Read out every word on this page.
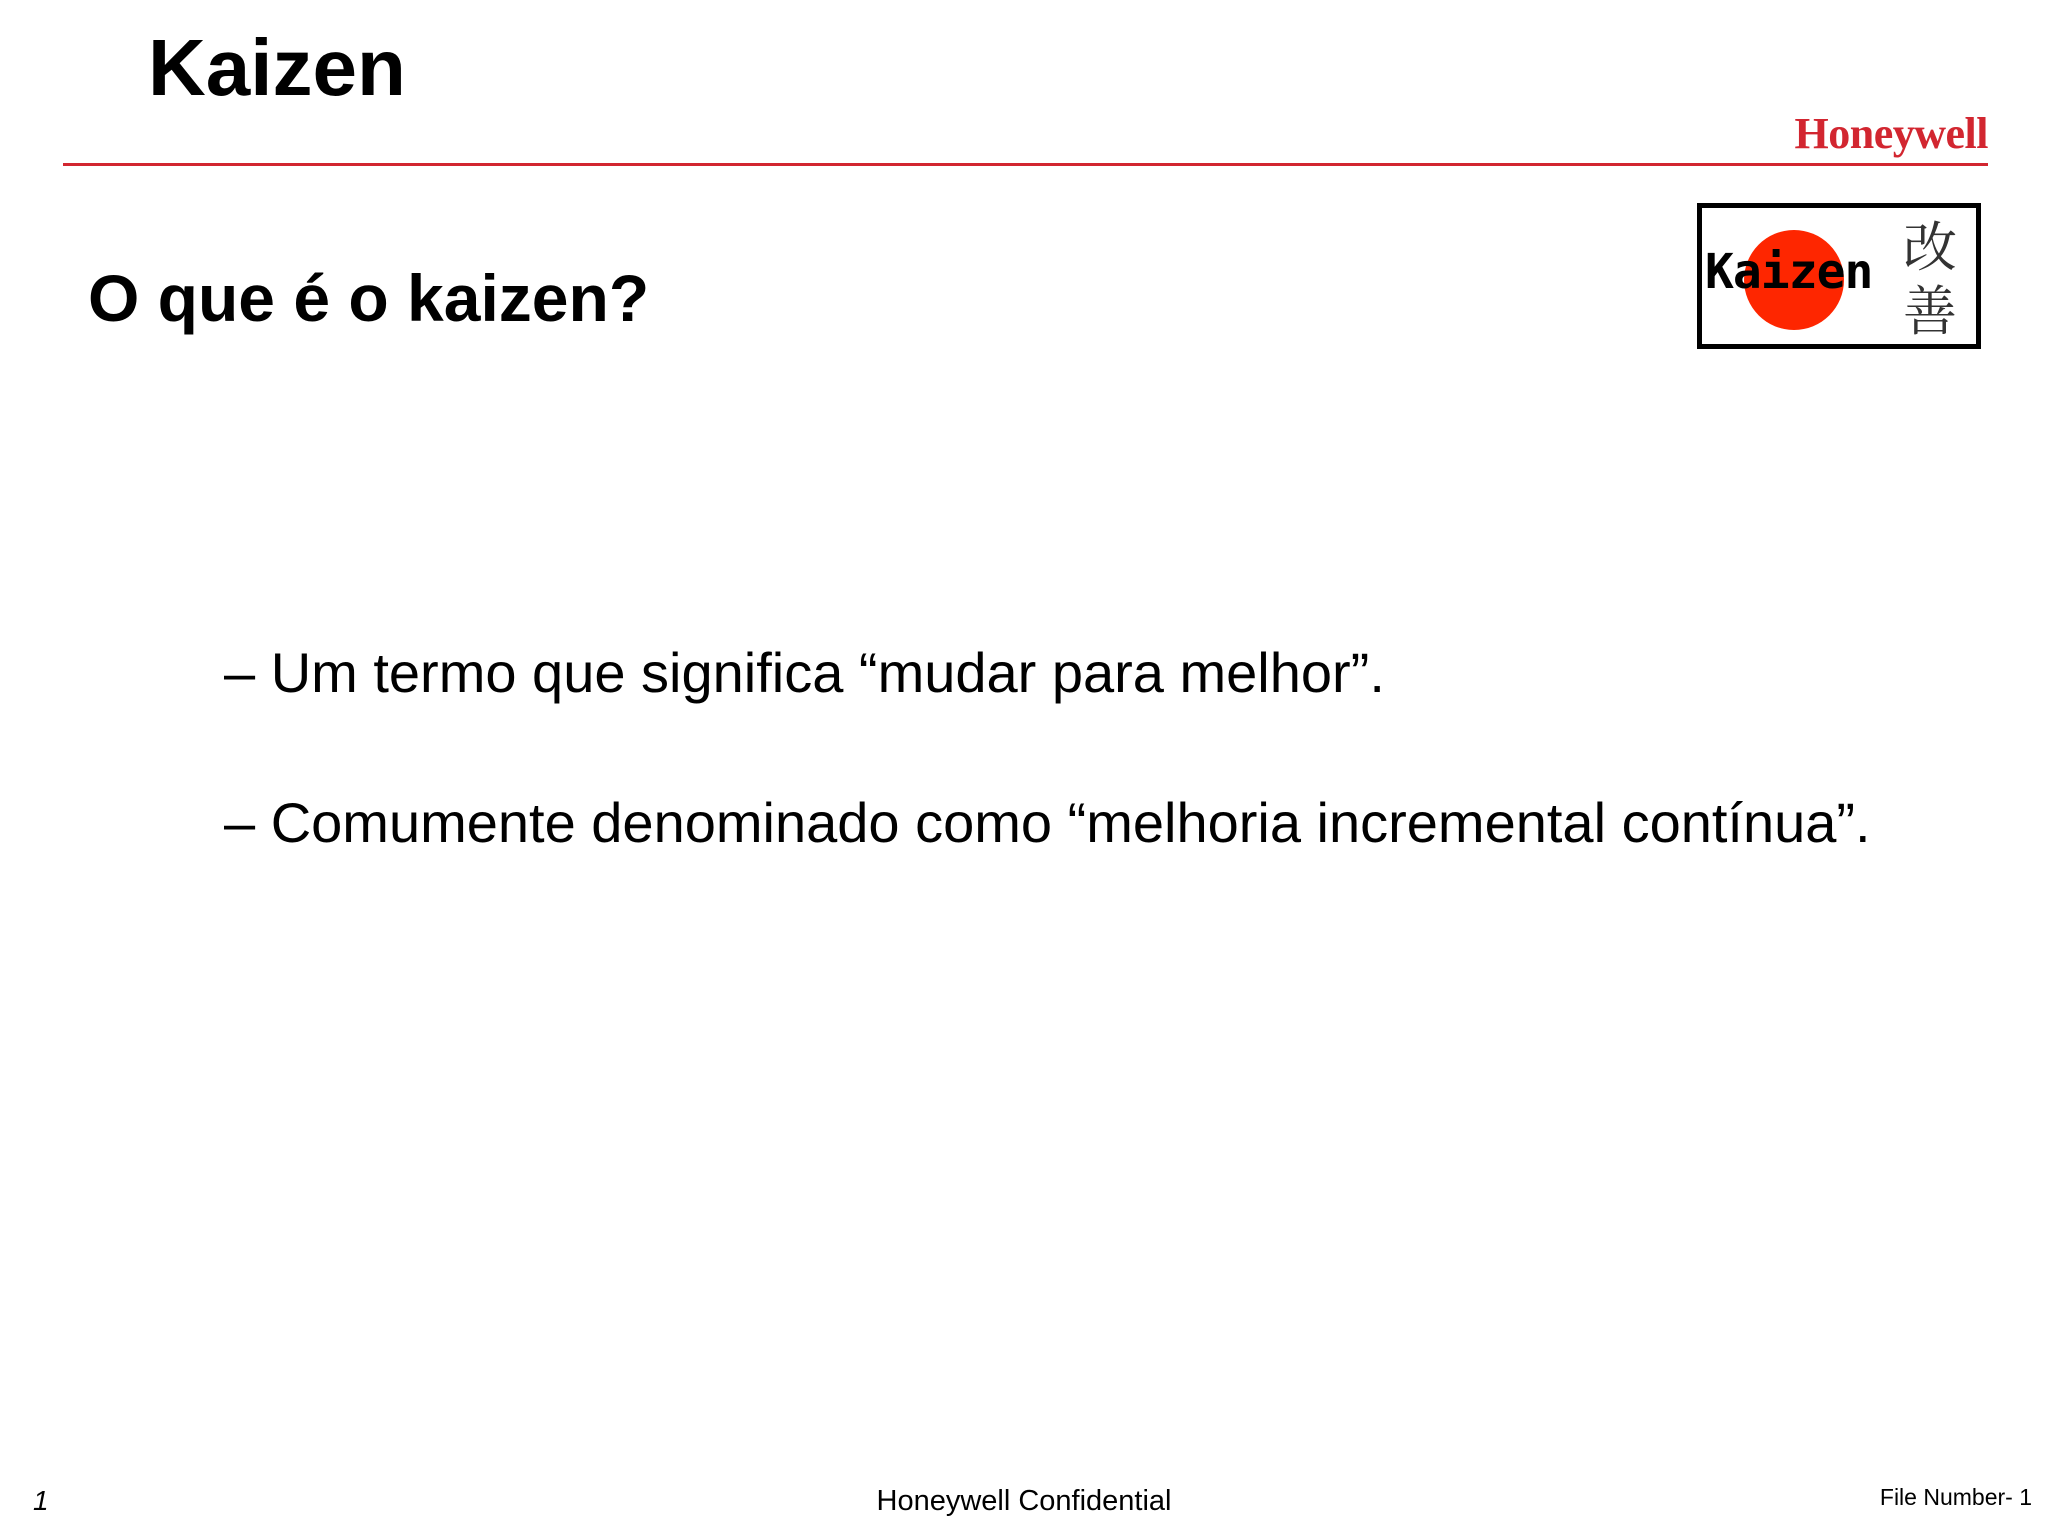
Kaizen
Honeywell
O que é o kaizen?	Kaizen 改
善
– Um termo que significa “mudar para melhor”.
– Comumente denominado como “melhoria incremental contínua”.
1	Honeywell Confidential	File Number- 1
